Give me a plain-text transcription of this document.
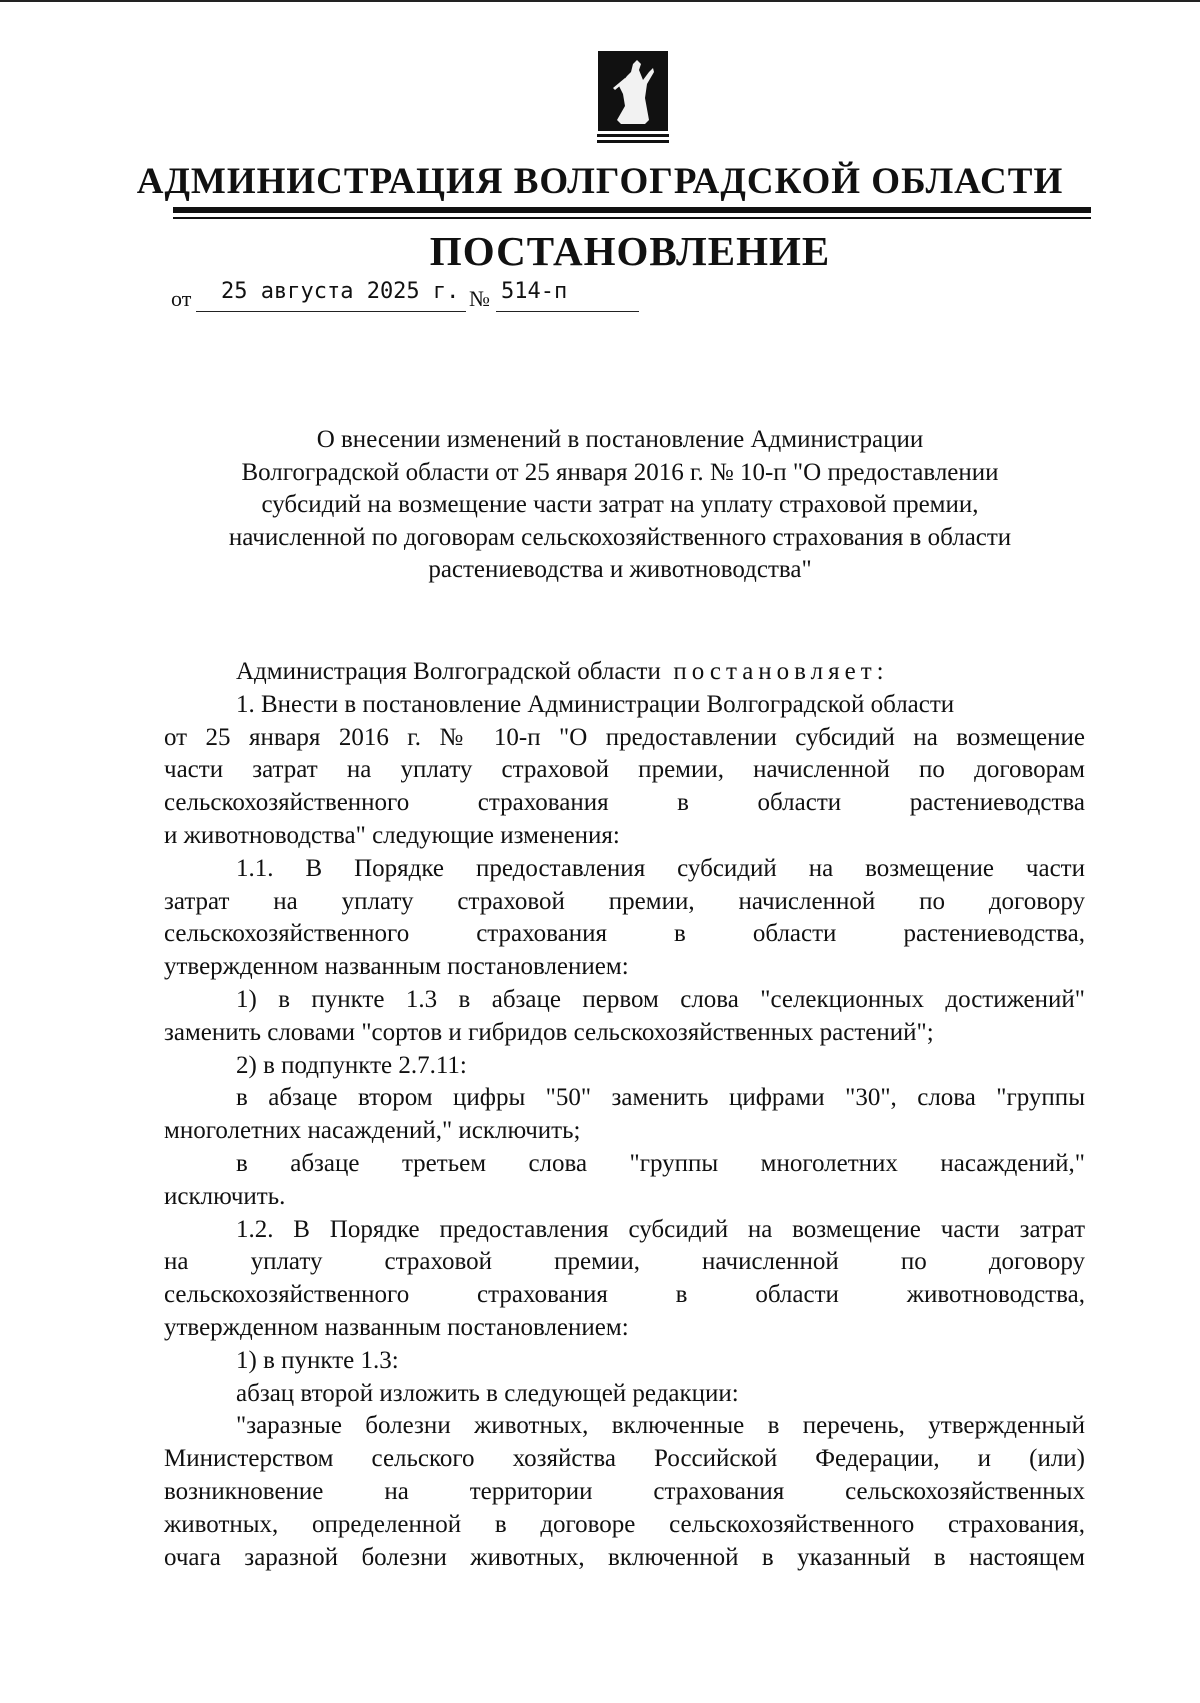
АДМИНИСТРАЦИЯ ВОЛГОГРАДСКОЙ ОБЛАСТИ
ПОСТАНОВЛЕНИЕ
от 25 августа 2025 г. № 514-п
О внесении изменений в постановление Администрации
Волгоградской области от 25 января 2016 г. № 10-п "О предоставлении
субсидий на возмещение части затрат на уплату страховой премии,
начисленной по договорам сельскохозяйственного страхования в области
растениеводства и животноводства"
Администрация Волгоградской области постановляет:
1. Внести в постановление Администрации Волгоградской области
от 25 января 2016 г. № 10-п "О предоставлении субсидий на возмещение
части затрат на уплату страховой премии, начисленной по договорам
сельскохозяйственного страхования в области растениеводства
и животноводства" следующие изменения:
1.1. В Порядке предоставления субсидий на возмещение части
затрат на уплату страховой премии, начисленной по договору
сельскохозяйственного страхования в области растениеводства,
утвержденном названным постановлением:
1) в пункте 1.3 в абзаце первом слова "селекционных достижений"
заменить словами "сортов и гибридов сельскохозяйственных растений";
2) в подпункте 2.7.11:
в абзаце втором цифры "50" заменить цифрами "30", слова "группы
многолетних насаждений," исключить;
в абзаце третьем слова "группы многолетних насаждений,"
исключить.
1.2. В Порядке предоставления субсидий на возмещение части затрат
на уплату страховой премии, начисленной по договору
сельскохозяйственного страхования в области животноводства,
утвержденном названным постановлением:
1) в пункте 1.3:
абзац второй изложить в следующей редакции:
"заразные болезни животных, включенные в перечень, утвержденный
Министерством сельского хозяйства Российской Федерации, и (или)
возникновение на территории страхования сельскохозяйственных
животных, определенной в договоре сельскохозяйственного страхования,
очага заразной болезни животных, включенной в указанный в настоящем
